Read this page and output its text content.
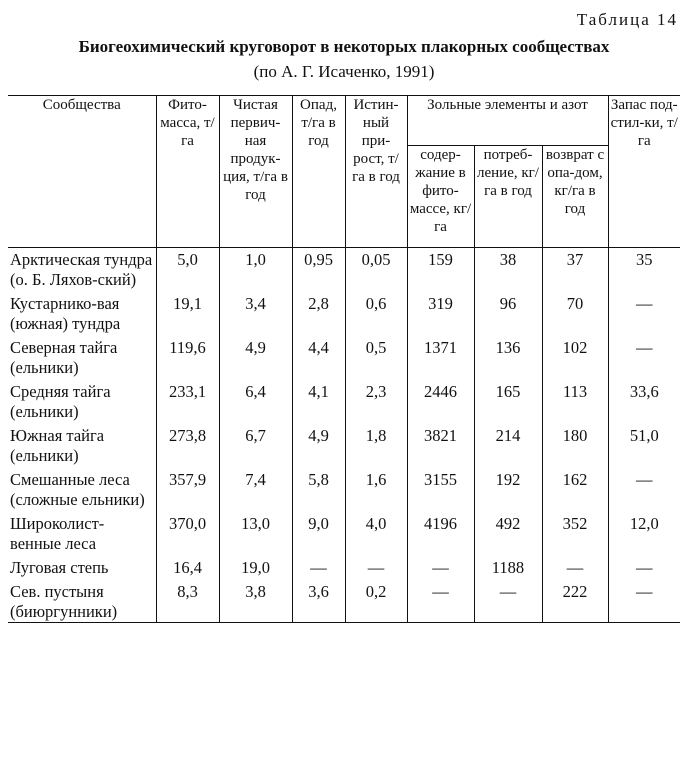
Таблица 14
Биогеохимический круговорот в некоторых плакорных сообществах
(по А. Г. Исаченко, 1991)
Сообщества	Фито-масса, т/га	Чистая первич-ная продук-ция, т/га в год	Опад, т/га в год	Истин-ный при-рост, т/га в год	Зольные элементы и азот			Запас под-стил-ки, т/га
					содер-жание в фито-массе, кг/га	потреб-ление, кг/га в год	возврат с опа-дом, кг/га в год	
Арктическая тундра (о. Б. Ляхов-ский)	5,0	1,0	0,95	0,05	159	38	37	35
Кустарнико-вая (южная) тундра	19,1	3,4	2,8	0,6	319	96	70	—
Северная тайга (ельники)	119,6	4,9	4,4	0,5	1371	136	102	—
Средняя тайга (ельники)	233,1	6,4	4,1	2,3	2446	165	113	33,6
Южная тайга (ельники)	273,8	6,7	4,9	1,8	3821	214	180	51,0
Смешанные леса (сложные ельники)	357,9	7,4	5,8	1,6	3155	192	162	—
Широколист-венные леса	370,0	13,0	9,0	4,0	4196	492	352	12,0
Луговая степь	16,4	19,0	—	—	—	1188	—	—
Сев. пустыня (биюргунники)	8,3	3,8	3,6	0,2	—	—	222	—
